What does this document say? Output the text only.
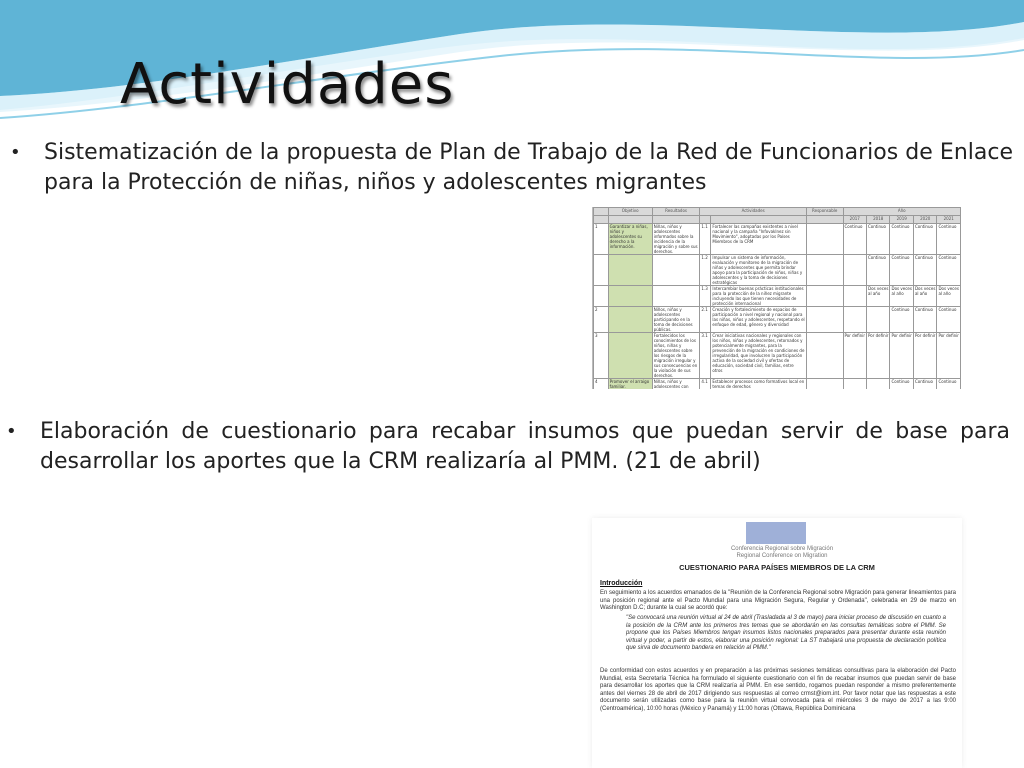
Actividades
• Sistematización de la propuesta de Plan de Trabajo de la Red de Funcionarios de Enlace para la Protección de niñas, niños y adolescentes migrantes
	Objetivo	Resultados	Actividades		Responsable	Año				
						2017	2018	2019	2020	2021
1	Garantizar a niñas, niños y adolescentes su derecho a la información.	Niñas, niños y adolescentes informados sobre la incidencia de la migración y sobre sus derechos.	1.1	Fortalecer las campañas existentes a nivel nacional y la campaña "Infovaklnez sin Movimiento", adoptadas por los Países Miembros de la CRM		Continuo	Continuo	Continuo	Continuo	Continuo
			1.2	Impulsar un sistema de información, evaluación y monitoreo de la migración de niñas y adolescentes que permita brindar apoyo para la participación de niños, niñas y adolescentes y la toma de decisiones estratégicas			Continuo	Continuo	Continuo	Continuo
			1.3	Intercambiar buenas prácticas institucionales para la protección de la niñez migrante incluyendo las que tienen necesidades de protección internacional			Dos veces al año	Dos veces al año	Dos veces al año	Dos veces al año
2		Niños, niñas y adolescentes participando en la toma de decisiones públicas.	2.1	Creación y fortalecimiento de espacios de participación a nivel regional y nacional para las niñas, niños y adolescentes, respetando el enfoque de edad, género y diversidad				Continuo	Continuo	Continuo
3		Fortalecidos los conocimientos de los niños, niñas y adolescentes sobre los riesgos de la migración irregular y sus consecuencias en la violación de sus derechos.	3.1	Crear iniciativas nacionales y regionales con los niños, niñas y adolescentes, retornados y potencialmente migrantes, para la prevención de la migración en condiciones de irregularidad, que involucren la participación activa de la sociedad civil y ofertas de educación, sociedad civil, familias, entre otros		Por definir	Por definir	Por definir	Por definir	Por definir
4	Promover el arraigo familiar.	Niñas, niños y adolescentes con	4.1	Establecer procesos como formativos local en temas de derechos				Continuo	Continuo	Continuo

• Elaboración de cuestionario para recabar insumos que puedan servir de base para desarrollar los aportes que la CRM realizaría al PMM. (21 de abril)
Conferencia Regional sobre Migración
Regional Conference on Migration
CUESTIONARIO PARA PAÍSES MIEMBROS DE LA CRM
Introducción
En seguimiento a los acuerdos emanados de la "Reunión de la Conferencia Regional sobre Migración para generar lineamientos para una posición regional ante el Pacto Mundial para una Migración Segura, Regular y Ordenada", celebrada en 29 de marzo en Washington D.C; durante la cual se acordó que:
"Se convocará una reunión virtual al 24 de abril (Trasladada al 3 de mayo) para iniciar proceso de discusión en cuanto a la posición de la CRM ante los primeros tres temas que se abordarán en las consultas temáticas sobre el PMM. Se propone que los Países Miembros tengan insumos listos nacionales preparados para presentar durante esta reunión virtual y poder, a partir de estos, elaborar una posición regional: La ST trabajará una propuesta de declaración política que sirva de documento bandera en relación al PMM."
De conformidad con estos acuerdos y en preparación a las próximas sesiones temáticas consultivas para la elaboración del Pacto Mundial, esta Secretaría Técnica ha formulado el siguiente cuestionario con el fin de recabar insumos que puedan servir de base para desarrollar los aportes que la CRM realizaría al PMM. En ese sentido, rogamos puedan responder a mismo preferentemente antes del viernes 28 de abril de 2017 dirigiendo sus respuestas al correo crmst@iom.int. Por favor notar que las respuestas a este documento serán utilizadas como base para la reunión virtual convocada para el miércoles 3 de mayo de 2017 a las 9:00 (Centroamérica), 10:00 horas (México y Panamá) y 11:00 horas (Ottawa, República Dominicana
